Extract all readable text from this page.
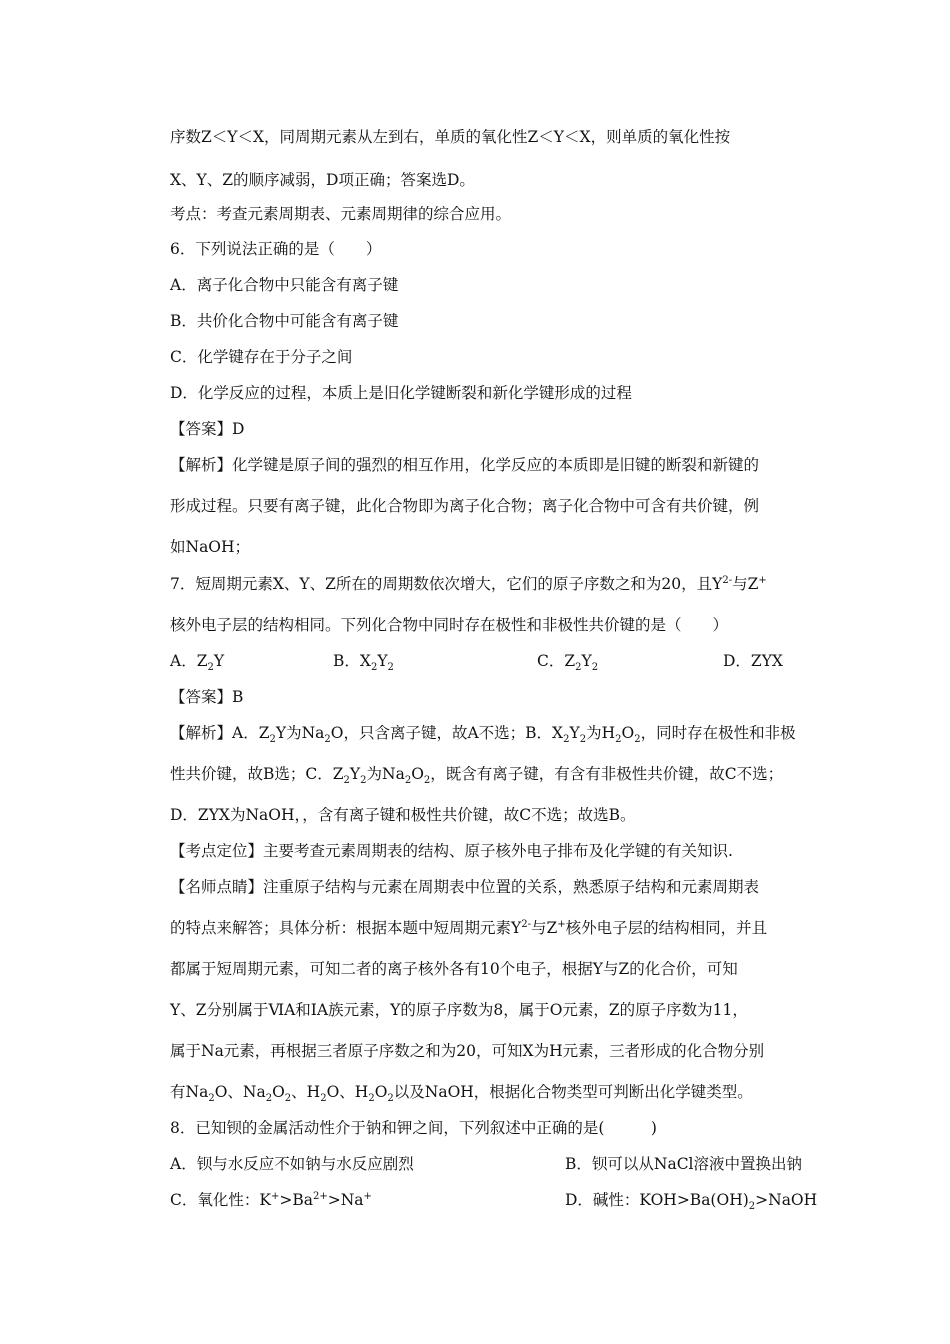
序数Z＜Y＜X，同周期元素从左到右，单质的氧化性Z＜Y＜X，则单质的氧化性按
X、Y、Z的顺序减弱，D项正确；答案选D。
考点：考查元素周期表、元素周期律的综合应用。
6．下列说法正确的是（　　）
A．离子化合物中只能含有离子键
B．共价化合物中可能含有离子键
C．化学键存在于分子之间
D．化学反应的过程，本质上是旧化学键断裂和新化学键形成的过程
【答案】D
【解析】化学键是原子间的强烈的相互作用，化学反应的本质即是旧键的断裂和新键的
形成过程。只要有离子键，此化合物即为离子化合物；离子化合物中可含有共价键，例
如NaOH；
7．短周期元素X、Y、Z所在的周期数依次增大，它们的原子序数之和为20，且$Y^{2-}$与Z+
核外电子层的结构相同。下列化合物中同时存在极性和非极性共价键的是（　　）
A．$Z_2Y$	B．$X_2Y_2$	C．$Z_2Y_2$	D．ZYX
【答案】B
【解析】A．$Z_2Y$为$Na_2O$，只含离子键，故A不选；B．$X_2Y_2$为$H_2O_2$，同时存在极性和非极
性共价键，故B选；C．$Z_2Y_2$为$Na_2O_2$，既含有离子键，有含有非极性共价键，故C不选；
D．ZYX为NaOH，，含有离子键和极性共价键，故C不选；故选B。
【考点定位】主要考查元素周期表的结构、原子核外电子排布及化学键的有关知识.
【名师点睛】注重原子结构与元素在周期表中位置的关系，熟悉原子结构和元素周期表
的特点来解答；具体分析：根据本题中短周期元素$Y^{2-}$与Z+核外电子层的结构相同，并且
都属于短周期元素，可知二者的离子核外各有10个电子，根据Y与Z的化合价，可知
Y、Z分别属于ⅥA和ⅠA族元素，Y的原子序数为8，属于O元素，Z的原子序数为11，
属于Na元素，再根据三者原子序数之和为20，可知X为H元素，三者形成的化合物分别
有$Na_2O$、$Na_2O_2$、$H_2O$、$H_2O_2$以及NaOH，根据化合物类型可判断出化学键类型。
8．已知钡的金属活动性介于钠和钾之间，下列叙述中正确的是(　　　)
A．钡与水反应不如钠与水反应剧烈	B．钡可以从NaCl溶液中置换出钠
C．氧化性：$K^+>Ba^{2+}>Na^+$	D．碱性：$KOH>Ba(OH)_2>NaOH$
